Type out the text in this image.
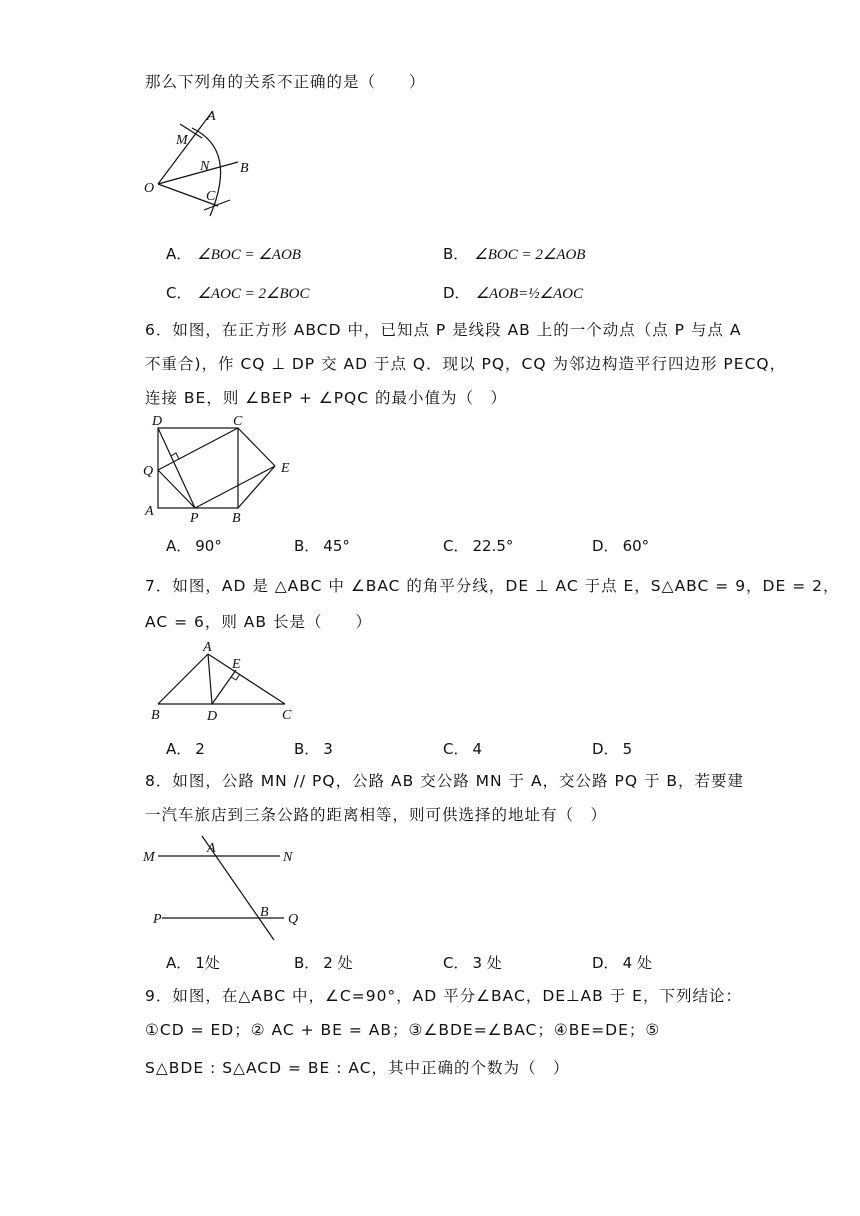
那么下列角的关系不正确的是（　　）
A
M
N B
O
C
A． ∠BOC = ∠AOB	B． ∠BOC = 2∠AOB
C． ∠AOC = 2∠BOC	D． ∠AOB=½∠AOC
6．如图，在正方形 ABCD 中，已知点 P 是线段 AB 上的一个动点（点 P 与点 A
不重合)，作 CQ ⊥ DP 交 AD 于点 Q．现以 PQ，CQ 为邻边构造平行四边形 PECQ，
连接 BE，则 ∠BEP + ∠PQC 的最小值为（　）
D	C
Q	E
A	P B
A． 90°	B． 45°	C． 22.5°	D． 60°
7．如图，AD 是 △ABC 中 ∠BAC 的角平分线，DE ⊥ AC 于点 E，S△ABC = 9，DE = 2，
AC = 6，则 AB 长是（　　）
A
E
B	D	C
A． 2	B． 3	C． 4	D． 5
8．如图，公路 MN // PQ，公路 AB 交公路 MN 于 A，交公路 PQ 于 B，若要建
一汽车旅店到三条公路的距离相等，则可供选择的地址有（　）
M
A
N
P	B Q
A． 1处	B． 2 处	C． 3 处	D． 4 处
9．如图，在△ABC 中，∠C=90°，AD 平分∠BAC，DE⊥AB 于 E，下列结论：
①CD = ED；② AC + BE = AB；③∠BDE=∠BAC；④BE=DE；⑤
S△BDE : S△ACD = BE : AC，其中正确的个数为（　）
